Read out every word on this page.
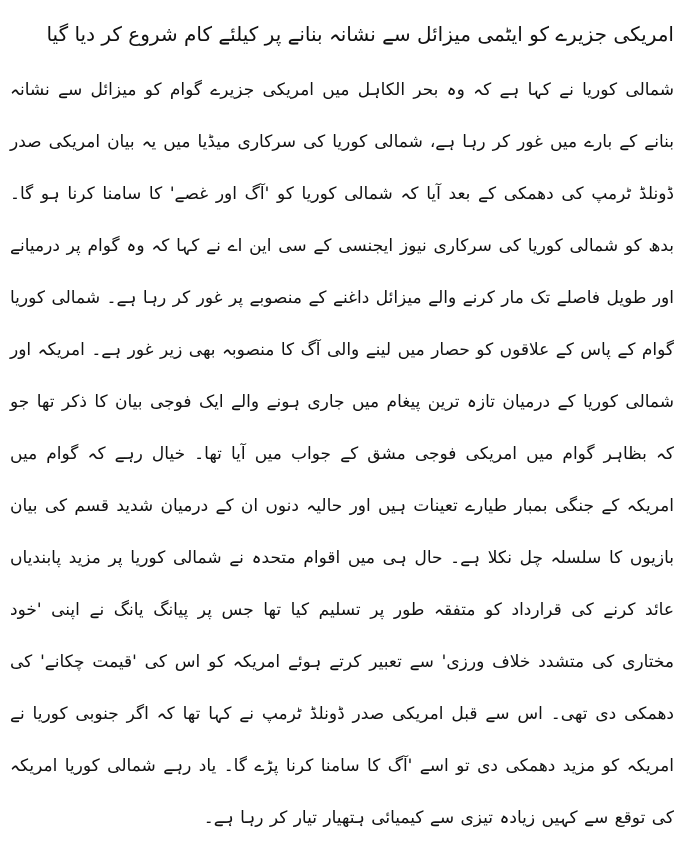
امریکی جزیرے کو ایٹمی میزائل سے نشانہ بنانے پر کیلئے کام شروع کر دیا گیا

شمالی کوریا نے کہا ہے کہ وہ بحر الکاہل میں امریکی جزیرے گوام کو میزائل سے نشانہ بنانے کے بارے میں غور کر رہا ہے، شمالی کوریا کی سرکاری میڈیا میں یہ بیان امریکی صدر ڈونلڈ ٹرمپ کی دھمکی کے بعد آیا کہ شمالی کوریا کو 'آگ اور غصے' کا سامنا کرنا ہو گا۔ بدھ کو شمالی کوریا کی سرکاری نیوز ایجنسی کے سی این اے نے کہا کہ وہ گوام پر درمیانے اور طویل فاصلے تک مار کرنے والے میزائل داغنے کے منصوبے پر غور کر رہا ہے۔ شمالی کوریا گوام کے پاس کے علاقوں کو حصار میں لینے والی آگ کا منصوبہ بھی زیر غور ہے۔ امریکہ اور شمالی کوریا کے درمیان تازہ ترین پیغام میں جاری ہونے والے ایک فوجی بیان کا ذکر تھا جو کہ بظاہر گوام میں امریکی فوجی مشق کے جواب میں آیا تھا۔ خیال رہے کہ گوام میں امریکہ کے جنگی بمبار طیارے تعینات ہیں اور حالیہ دنوں ان کے درمیان شدید قسم کی بیان بازیوں کا سلسلہ چل نکلا ہے۔ حال ہی میں اقوام متحدہ نے شمالی کوریا پر مزید پابندیاں عائد کرنے کی قرارداد کو متفقہ طور پر تسلیم کیا تھا جس پر پیانگ یانگ نے اپنی 'خود مختاری کی متشدد خلاف ورزی' سے تعبیر کرتے ہوئے امریکہ کو اس کی 'قیمت چکانے' کی دھمکی دی تھی۔ اس سے قبل امریکی صدر ڈونلڈ ٹرمپ نے کہا تھا کہ اگر جنوبی کوریا نے امریکہ کو مزید دھمکی دی تو اسے 'آگ کا سامنا کرنا پڑے گا۔ یاد رہے شمالی کوریا امریکہ کی توقع سے کہیں زیادہ تیزی سے کیمیائی ہتھیار تیار کر رہا ہے۔
